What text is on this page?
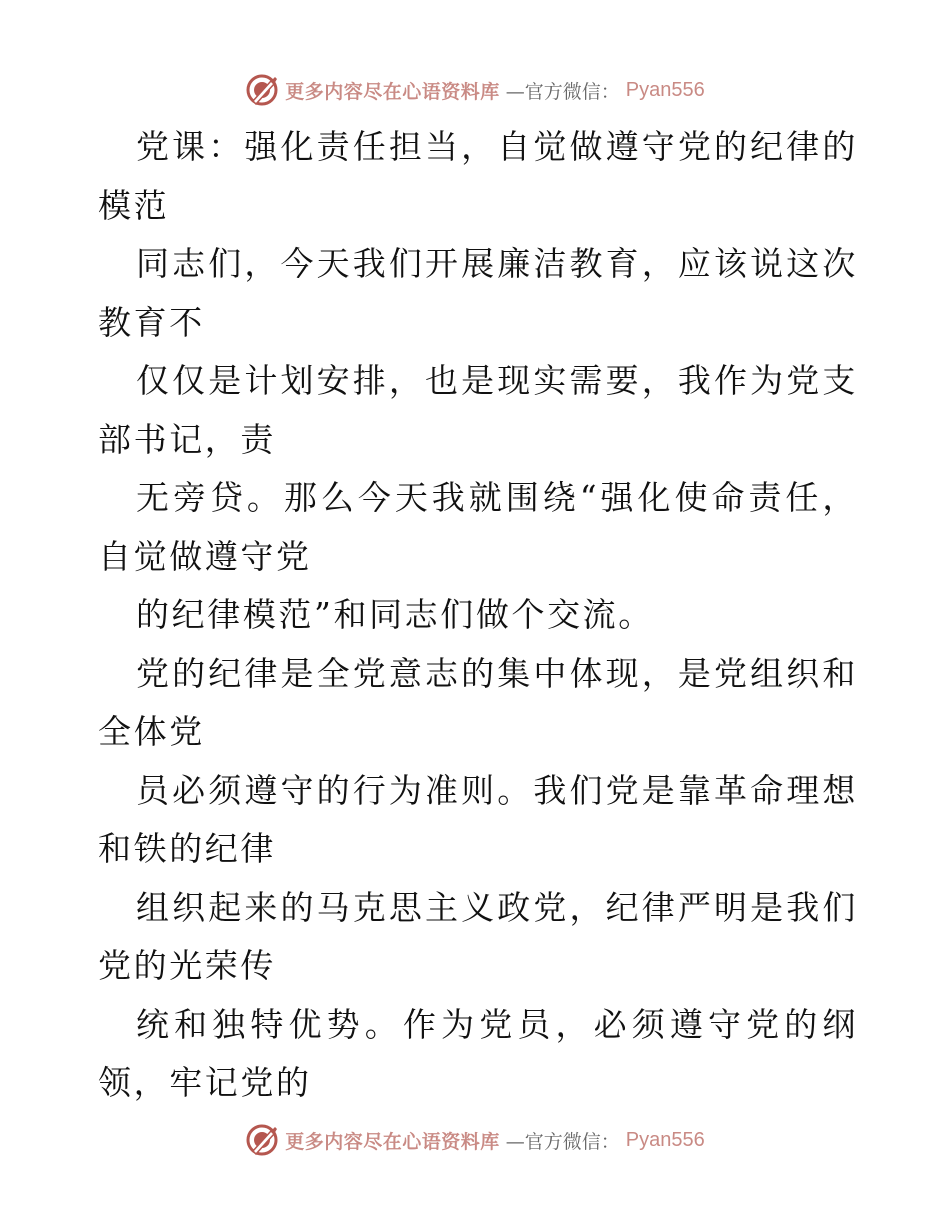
更多内容尽在心语资料库 —官方微信： Pyan556

党课：强化责任担当，自觉做遵守党的纪律的模范

同志们，今天我们开展廉洁教育，应该说这次教育不

仅仅是计划安排，也是现实需要，我作为党支部书记，责

无旁贷。那么今天我就围绕“强化使命责任，自觉做遵守党

的纪律模范”和同志们做个交流。

党的纪律是全党意志的集中体现，是党组织和全体党

员必须遵守的行为准则。我们党是靠革命理想和铁的纪律

组织起来的马克思主义政党，纪律严明是我们党的光荣传

统和独特优势。作为党员，必须遵守党的纲领，牢记党的

更多内容尽在心语资料库 —官方微信： Pyan556
